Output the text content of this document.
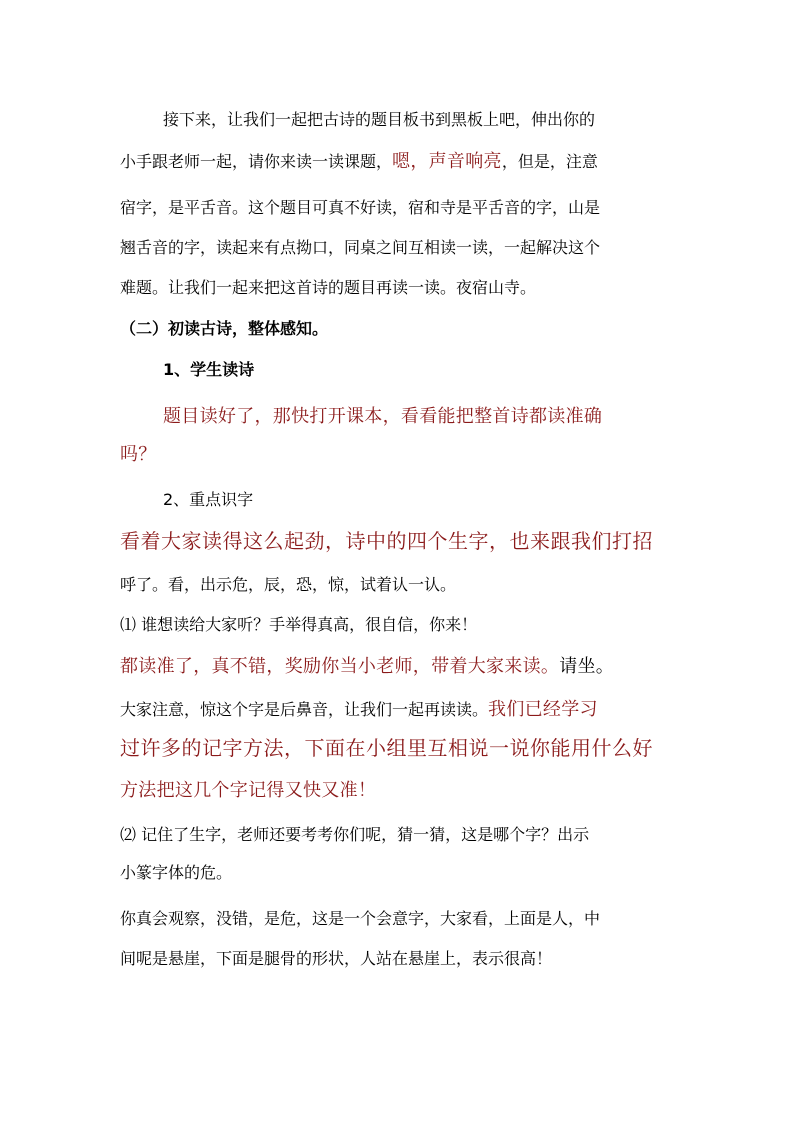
接下来，让我们一起把古诗的题目板书到黑板上吧，伸出你的
小手跟老师一起，请你来读一读课题，嗯，声音响亮，但是，注意
宿字，是平舌音。这个题目可真不好读，宿和寺是平舌音的字，山是
翘舌音的字，读起来有点拗口，同桌之间互相读一读，一起解决这个
难题。让我们一起来把这首诗的题目再读一读。夜宿山寺。
（二）初读古诗，整体感知。
1、学生读诗
题目读好了，那快打开课本，看看能把整首诗都读准确
吗？
2、重点识字
看着大家读得这么起劲，诗中的四个生字，也来跟我们打招
呼了。看，出示危，辰，恐，惊，试着认一认。
⑴ 谁想读给大家听？手举得真高，很自信，你来！
都读准了，真不错，奖励你当小老师，带着大家来读。请坐。
大家注意，惊这个字是后鼻音，让我们一起再读读。我们已经学习
过许多的记字方法，下面在小组里互相说一说你能用什么好
方法把这几个字记得又快又准！
⑵ 记住了生字，老师还要考考你们呢，猜一猜，这是哪个字？出示
小篆字体的危。
你真会观察，没错，是危，这是一个会意字，大家看，上面是人，中
间呢是悬崖，下面是腿骨的形状，人站在悬崖上，表示很高！
